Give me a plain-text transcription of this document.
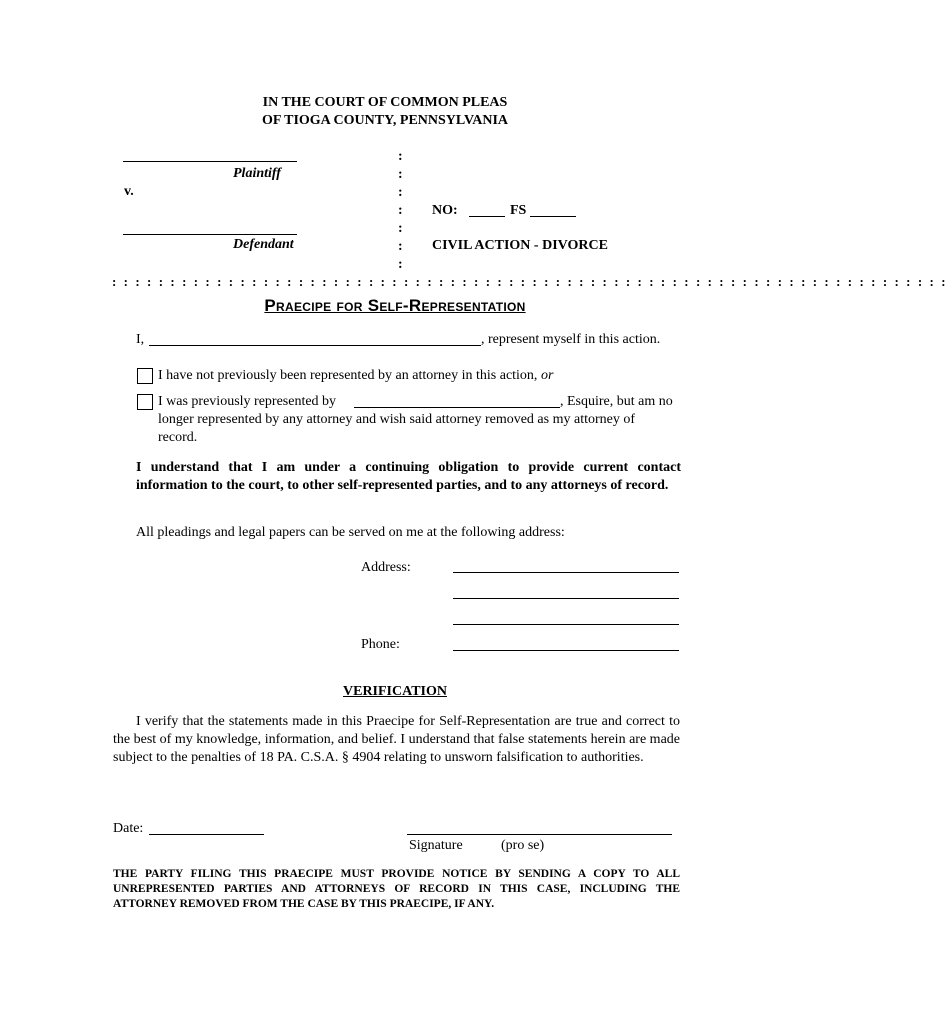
IN THE COURT OF COMMON PLEAS
OF TIOGA COUNTY, PENNSYLVANIA
Plaintiff
v.
Defendant
:
:
:
:
:
:
:
NO:	FS
CIVIL ACTION - DIVORCE
: : : : : : : : : : : : : : : : : : : : : : : : : : : : : : : : : : : : : : : : : : : : : : : : : : : : : : : : : : : : : : : : : : : : : : : :
Praecipe for Self-Representation
I,	, represent myself in this action.
I have not previously been represented by an attorney in this action, or
I was previously represented by	, Esquire, but am no
longer represented by any attorney and wish said attorney removed as my attorney of
record.
I understand that I am under a continuing obligation to provide current contact information to the court, to other self-represented parties, and to any attorneys of record.
All pleadings and legal papers can be served on me at the following address:
Address:
Phone:
VERIFICATION
I verify that the statements made in this Praecipe for Self-Representation are true and correct to the best of my knowledge, information, and belief. I understand that false statements herein are made subject to the penalties of 18 PA. C.S.A. § 4904 relating to unsworn falsification to authorities.
Date:
Signature	(pro se)
THE PARTY FILING THIS PRAECIPE MUST PROVIDE NOTICE BY SENDING A COPY TO ALL UNREPRESENTED PARTIES AND ATTORNEYS OF RECORD IN THIS CASE, INCLUDING THE ATTORNEY REMOVED FROM THE CASE BY THIS PRAECIPE, IF ANY.
